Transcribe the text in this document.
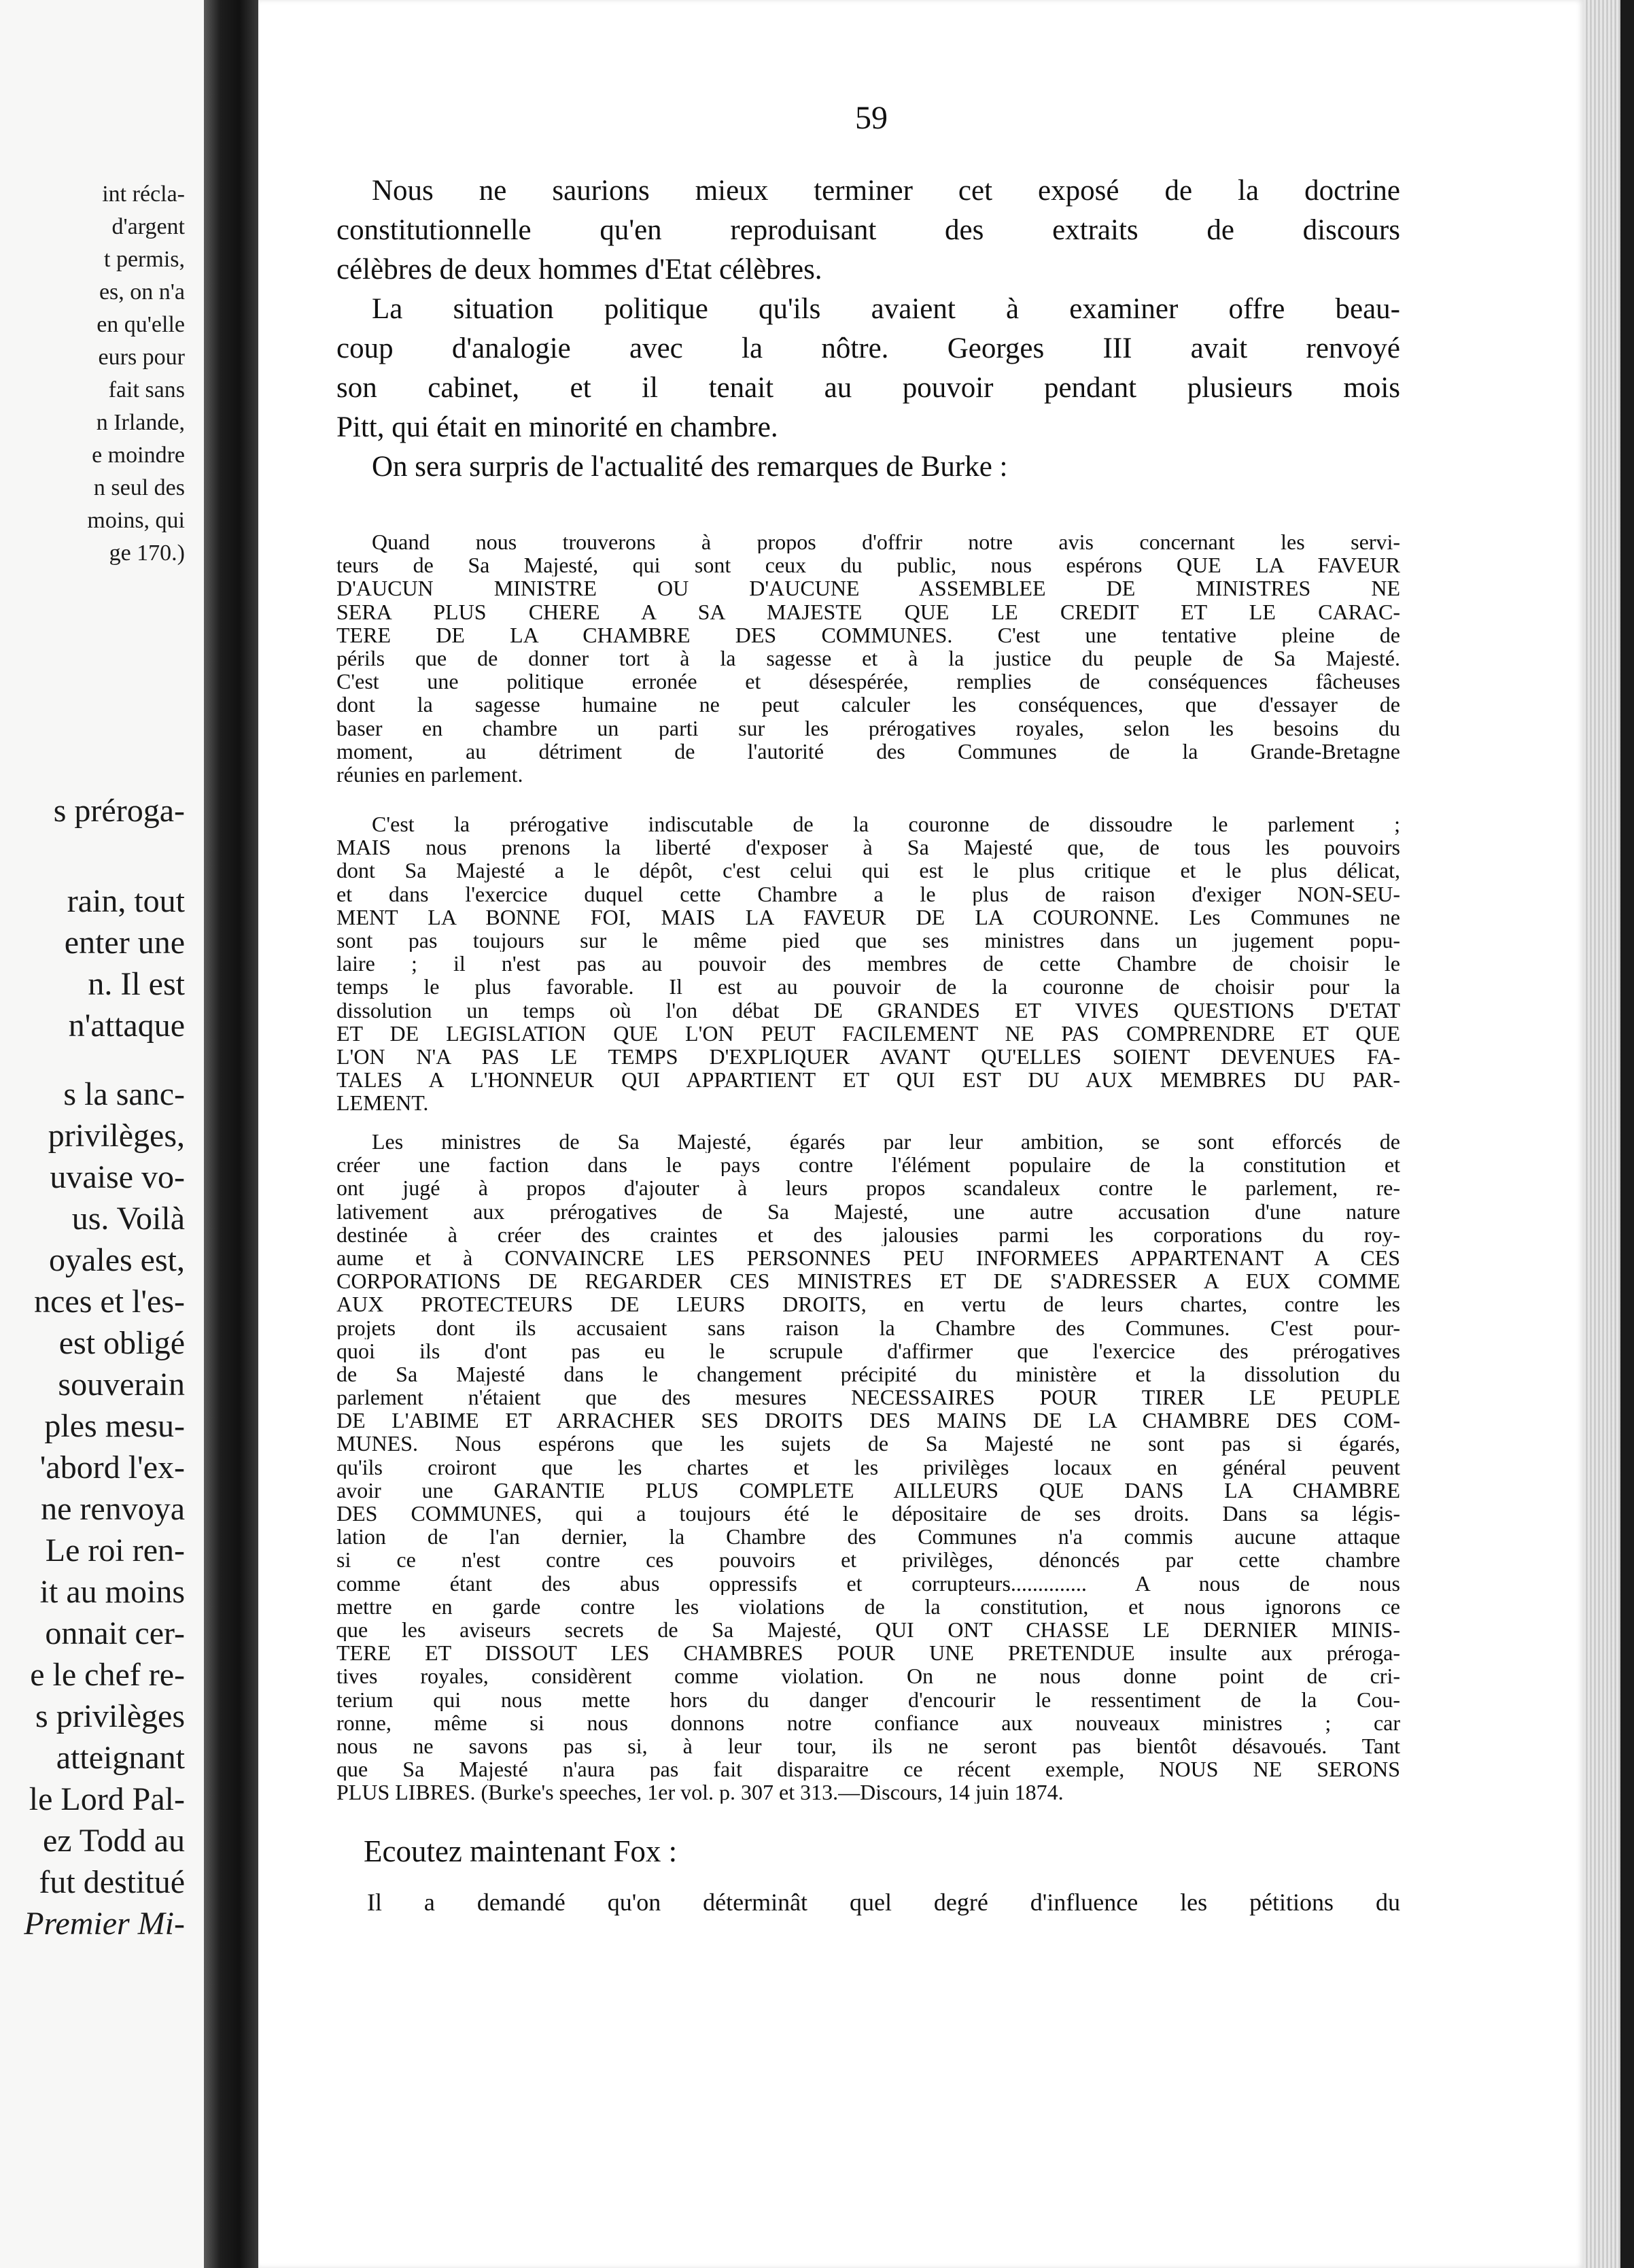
int récla-
d'argent
t permis,
es, on n'a
en qu'elle
eurs pour
fait sans
n Irlande,
e moindre
n seul des
moins, qui
ge 170.)
s préroga-
rain, tout
enter une
n. Il est
n'attaque
s la sanc-
privilèges,
uvaise vo-
us. Voilà
oyales est,
nces et l'es-
est obligé
souverain
ples mesu-
'abord l'ex-
ne renvoya
Le roi ren-
it au moins
onnait cer-
e le chef re-
s privilèges
atteignant
le Lord Pal-
ez Todd au
fut destitué
Premier Mi-
59
Nous ne saurions mieux terminer cet exposé de la doctrine
constitutionnelle qu'en reproduisant des extraits de discours
célèbres de deux hommes d'Etat célèbres.
La situation politique qu'ils avaient à examiner offre beau-
coup d'analogie avec la nôtre. Georges III avait renvoyé
son cabinet, et il tenait au pouvoir pendant plusieurs mois
Pitt, qui était en minorité en chambre.
On sera surpris de l'actualité des remarques de Burke :
Quand nous trouverons à propos d'offrir notre avis concernant les servi-
teurs de Sa Majesté, qui sont ceux du public, nous espérons QUE LA FAVEUR
D'AUCUN MINISTRE OU D'AUCUNE ASSEMBLEE DE MINISTRES NE
SERA PLUS CHERE A SA MAJESTE QUE LE CREDIT ET LE CARAC-
TERE DE LA CHAMBRE DES COMMUNES. C'est une tentative pleine de
périls que de donner tort à la sagesse et à la justice du peuple de Sa Majesté.
C'est une politique erronée et désespérée, remplies de conséquences fâcheuses
dont la sagesse humaine ne peut calculer les conséquences, que d'essayer de
baser en chambre un parti sur les prérogatives royales, selon les besoins du
moment, au détriment de l'autorité des Communes de la Grande-Bretagne
réunies en parlement.
C'est la prérogative indiscutable de la couronne de dissoudre le parlement ;
MAIS nous prenons la liberté d'exposer à Sa Majesté que, de tous les pouvoirs
dont Sa Majesté a le dépôt, c'est celui qui est le plus critique et le plus délicat,
et dans l'exercice duquel cette Chambre a le plus de raison d'exiger NON-SEU-
MENT LA BONNE FOI, MAIS LA FAVEUR DE LA COURONNE. Les Communes ne
sont pas toujours sur le même pied que ses ministres dans un jugement popu-
laire ; il n'est pas au pouvoir des membres de cette Chambre de choisir le
temps le plus favorable. Il est au pouvoir de la couronne de choisir pour la
dissolution un temps où l'on débat DE GRANDES ET VIVES QUESTIONS D'ETAT
ET DE LEGISLATION QUE L'ON PEUT FACILEMENT NE PAS COMPRENDRE ET QUE
L'ON N'A PAS LE TEMPS D'EXPLIQUER AVANT QU'ELLES SOIENT DEVENUES FA-
TALES A L'HONNEUR QUI APPARTIENT ET QUI EST DU AUX MEMBRES DU PAR-
LEMENT.
Les ministres de Sa Majesté, égarés par leur ambition, se sont efforcés de
créer une faction dans le pays contre l'élément populaire de la constitution et
ont jugé à propos d'ajouter à leurs propos scandaleux contre le parlement, re-
lativement aux prérogatives de Sa Majesté, une autre accusation d'une nature
destinée à créer des craintes et des jalousies parmi les corporations du roy-
aume et à CONVAINCRE LES PERSONNES PEU INFORMEES APPARTENANT A CES
CORPORATIONS DE REGARDER CES MINISTRES ET DE S'ADRESSER A EUX COMME
AUX PROTECTEURS DE LEURS DROITS, en vertu de leurs chartes, contre les
projets dont ils accusaient sans raison la Chambre des Communes. C'est pour-
quoi ils d'ont pas eu le scrupule d'affirmer que l'exercice des prérogatives
de Sa Majesté dans le changement précipité du ministère et la dissolution du
parlement n'étaient que des mesures NECESSAIRES POUR TIRER LE PEUPLE
DE L'ABIME ET ARRACHER SES DROITS DES MAINS DE LA CHAMBRE DES COM-
MUNES. Nous espérons que les sujets de Sa Majesté ne sont pas si égarés,
qu'ils croiront que les chartes et les privilèges locaux en général peuvent
avoir une GARANTIE PLUS COMPLETE AILLEURS QUE DANS LA CHAMBRE
DES COMMUNES, qui a toujours été le dépositaire de ses droits. Dans sa légis-
lation de l'an dernier, la Chambre des Communes n'a commis aucune attaque
si ce n'est contre ces pouvoirs et privilèges, dénoncés par cette chambre
comme étant des abus oppressifs et corrupteurs.............. A nous de nous
mettre en garde contre les violations de la constitution, et nous ignorons ce
que les aviseurs secrets de Sa Majesté, QUI ONT CHASSE LE DERNIER MINIS-
TERE ET DISSOUT LES CHAMBRES POUR UNE PRETENDUE insulte aux préroga-
tives royales, considèrent comme violation. On ne nous donne point de cri-
terium qui nous mette hors du danger d'encourir le ressentiment de la Cou-
ronne, même si nous donnons notre confiance aux nouveaux ministres ; car
nous ne savons pas si, à leur tour, ils ne seront pas bientôt désavoués. Tant
que Sa Majesté n'aura pas fait disparaitre ce récent exemple, NOUS NE SERONS
PLUS LIBRES. (Burke's speeches, 1er vol. p. 307 et 313.—Discours, 14 juin 1874.
Ecoutez maintenant Fox :
Il a demandé qu'on déterminât quel degré d'influence les pétitions du
